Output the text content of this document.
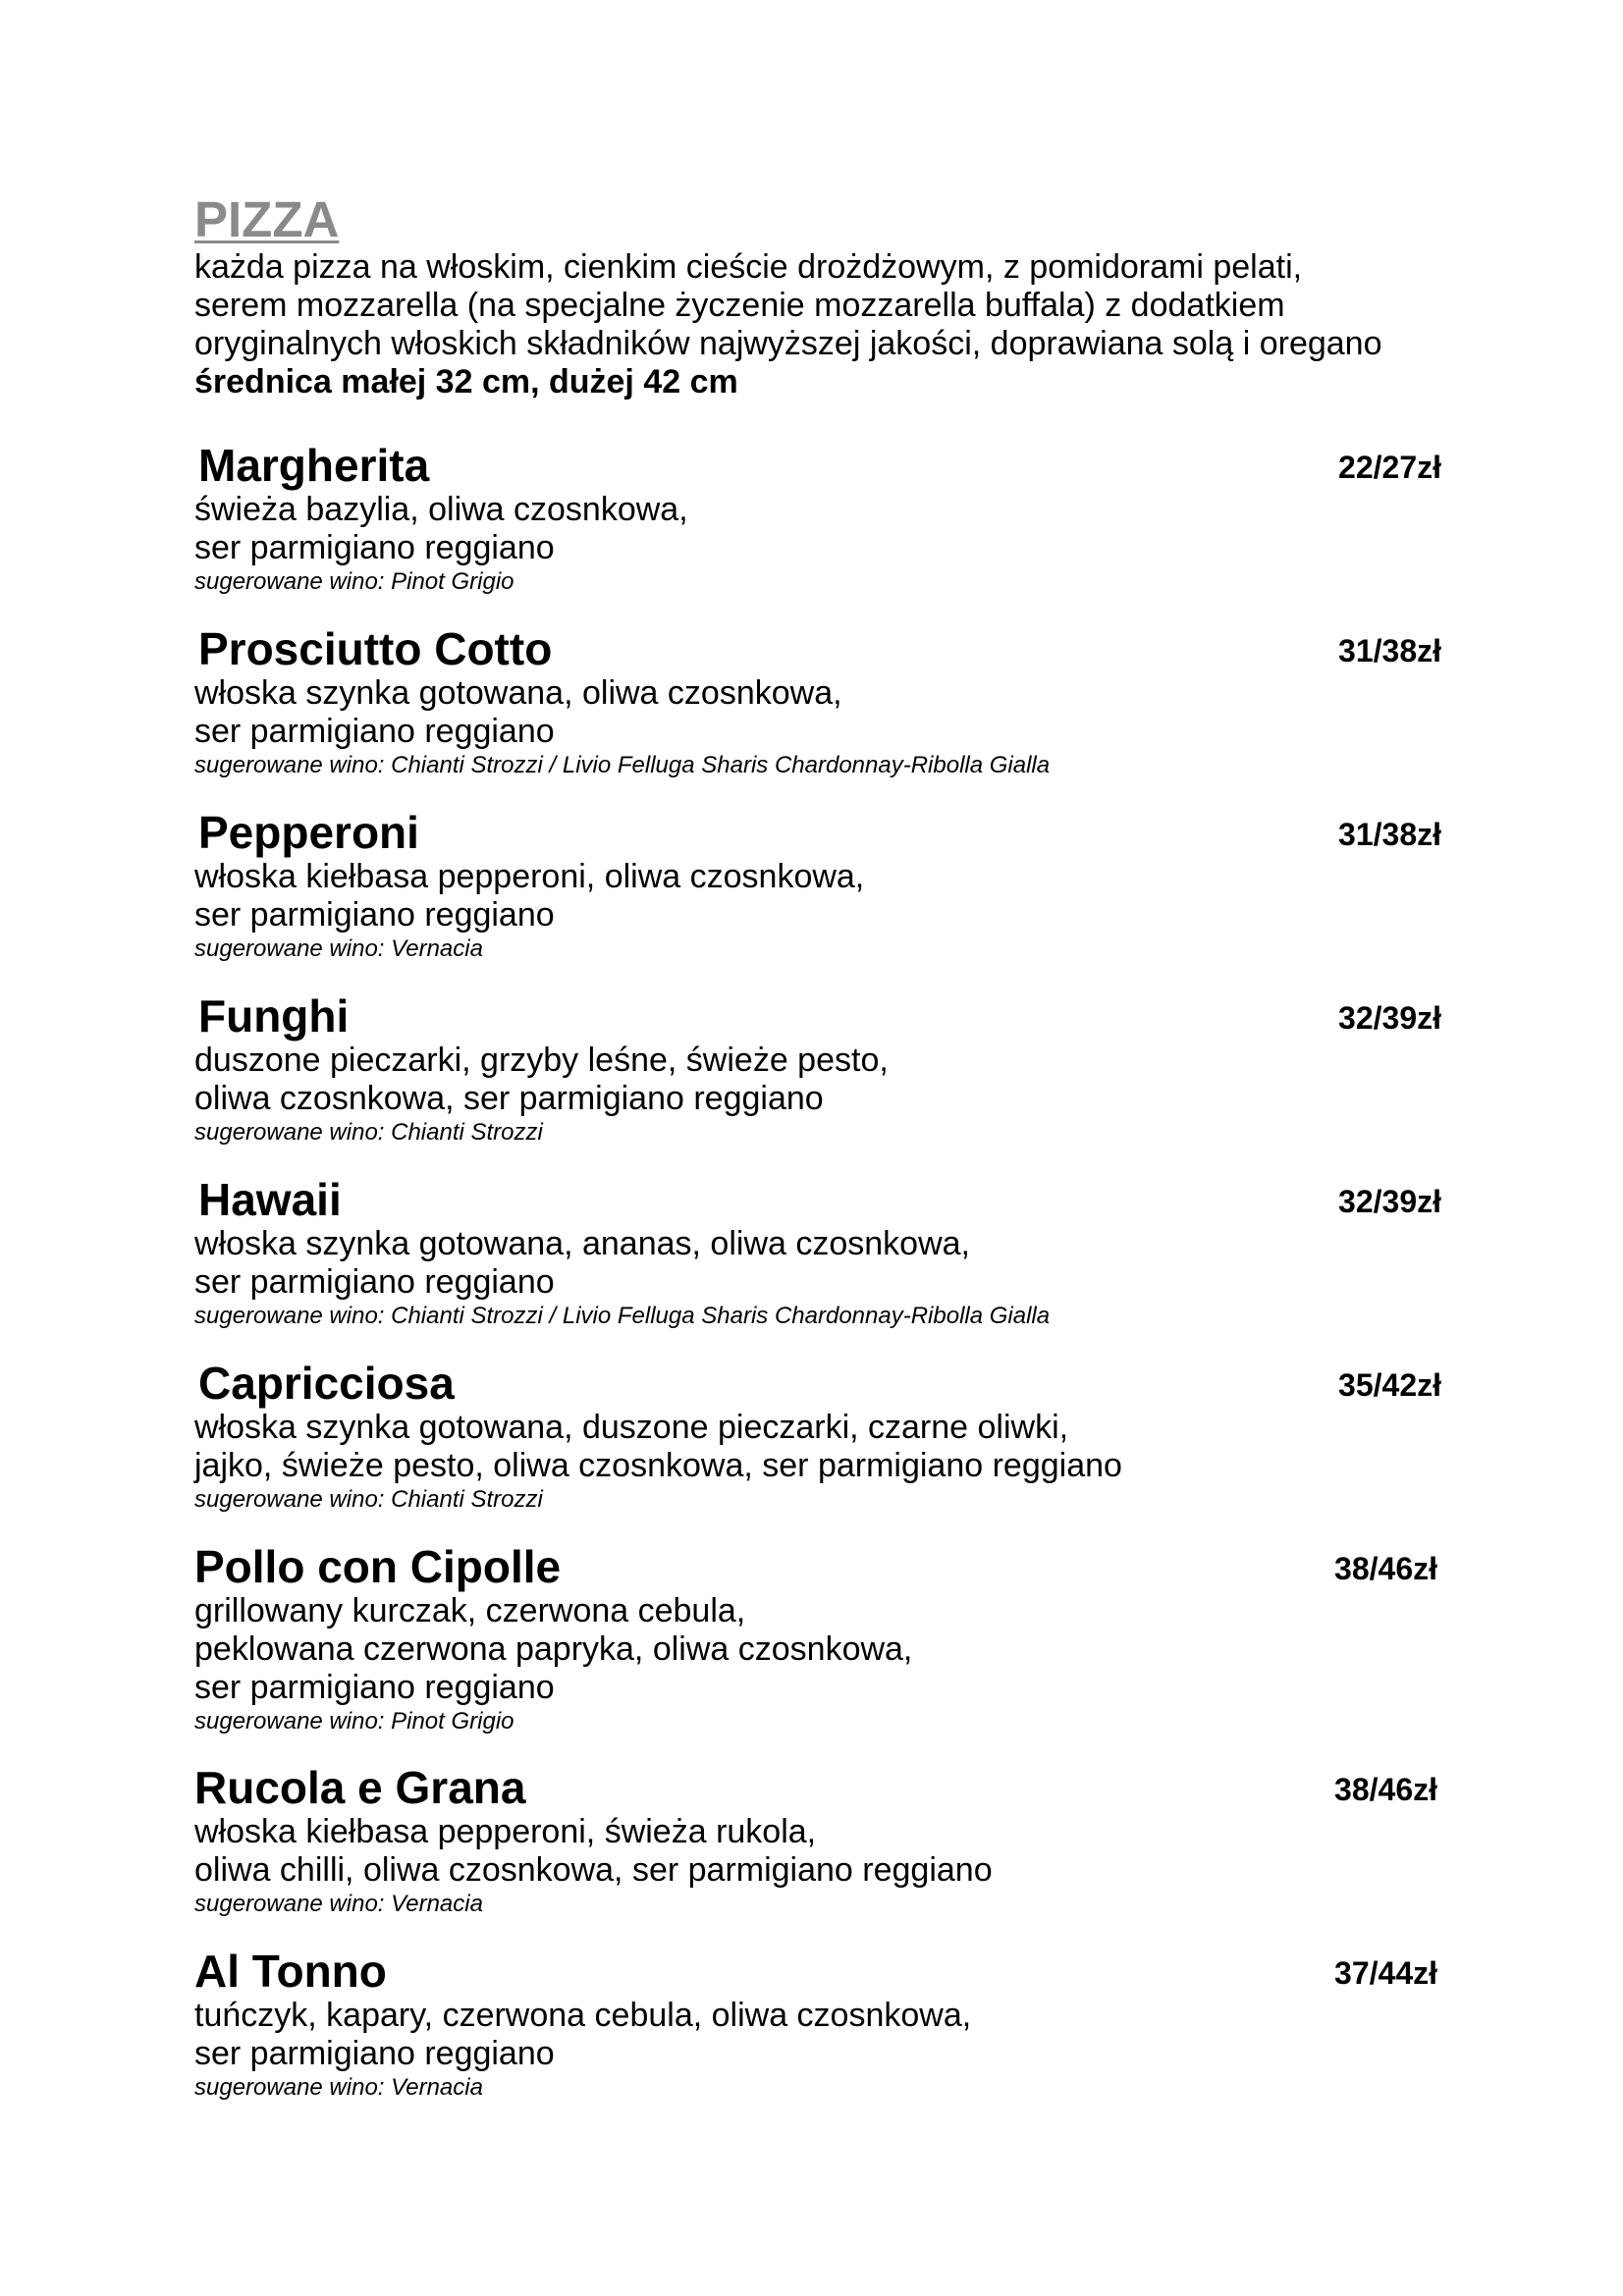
PIZZA

każda pizza na włoskim, cienkim cieście drożdżowym, z pomidorami pelati,

serem mozzarella (na specjalne życzenie mozzarella buffala) z dodatkiem

oryginalnych włoskich składników najwyższej jakości, doprawiana solą i oregano

średnica małej 32 cm, dużej 42 cm

Margherita	22/27zł
świeża bazylia, oliwa czosnkowa,
ser parmigiano reggiano
sugerowane wino: Pinot Grigio
Prosciutto Cotto	31/38zł
włoska szynka gotowana, oliwa czosnkowa,
ser parmigiano reggiano
sugerowane wino: Chianti Strozzi / Livio Felluga Sharis Chardonnay-Ribolla Gialla
Pepperoni	31/38zł
włoska kiełbasa pepperoni, oliwa czosnkowa,
ser parmigiano reggiano
sugerowane wino: Vernacia
Funghi	32/39zł
duszone pieczarki, grzyby leśne, świeże pesto,
oliwa czosnkowa, ser parmigiano reggiano
sugerowane wino: Chianti Strozzi
Hawaii	32/39zł
włoska szynka gotowana, ananas, oliwa czosnkowa,
ser parmigiano reggiano
sugerowane wino: Chianti Strozzi / Livio Felluga Sharis Chardonnay-Ribolla Gialla
Capricciosa	35/42zł
włoska szynka gotowana, duszone pieczarki, czarne oliwki,
jajko, świeże pesto, oliwa czosnkowa, ser parmigiano reggiano
sugerowane wino: Chianti Strozzi
Pollo con Cipolle	38/46zł
grillowany kurczak, czerwona cebula,
peklowana czerwona papryka, oliwa czosnkowa,
ser parmigiano reggiano
sugerowane wino: Pinot Grigio
Rucola e Grana	38/46zł
włoska kiełbasa pepperoni, świeża rukola,
oliwa chilli, oliwa czosnkowa, ser parmigiano reggiano
sugerowane wino: Vernacia
Al Tonno	37/44zł
tuńczyk, kapary, czerwona cebula, oliwa czosnkowa,
ser parmigiano reggiano
sugerowane wino: Vernacia
